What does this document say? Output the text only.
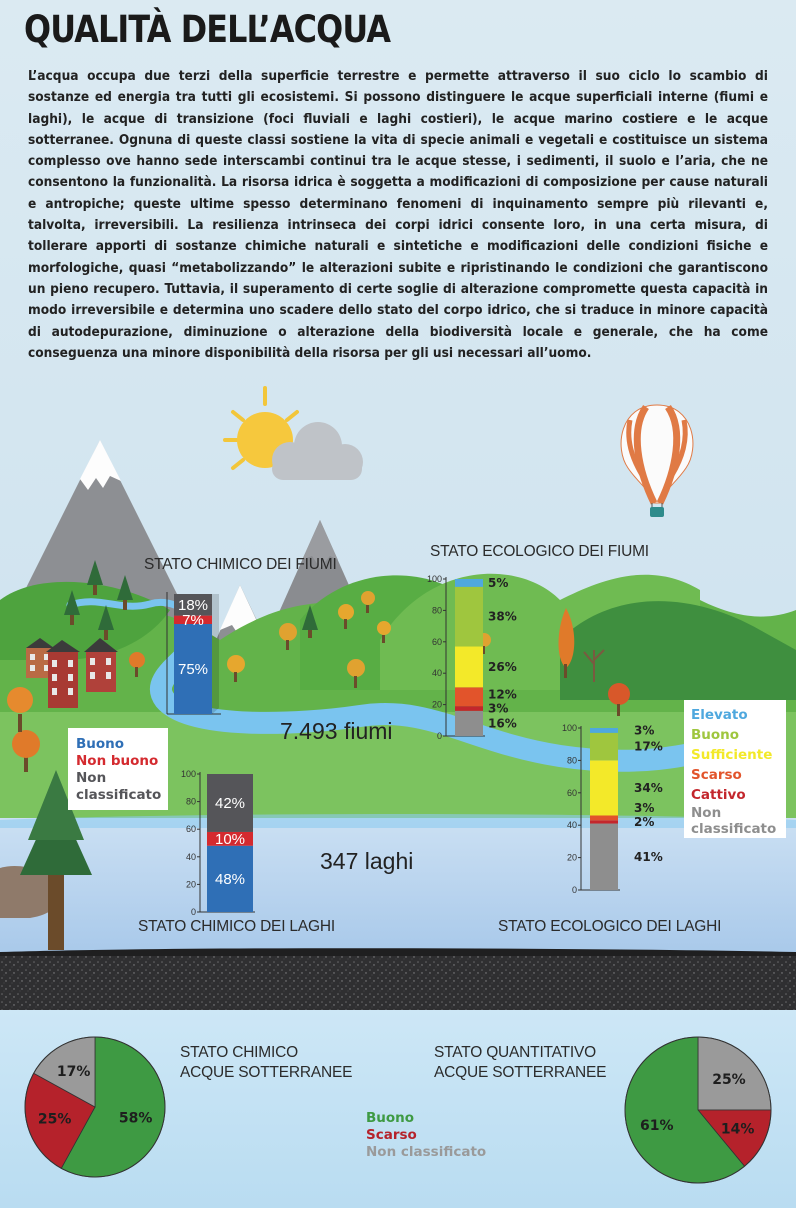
75%
7%
18%
0
20
40
60
80
100
48%
10%
42%
0
20
40
60
80
100
16%
3%
12%
26%
38%
5%
0
20
40
60
80
100
41%
2%
3%
34%
17%
3%
58%
25%
17%
25%
14%
61%
QUALITÀ DELL’ACQUA

L’acqua occupa due terzi della superficie terrestre e permette attraverso il suo ciclo lo scambio di sostanze ed energia tra tutti gli ecosistemi. Si possono distinguere le acque superficiali interne (fiumi e laghi), le acque di transizione (foci fluviali e laghi costieri), le acque marino costiere e le acque sotterranee. Ognuna di queste classi sostiene la vita di specie animali e vegetali e costituisce un sistema complesso ove hanno sede interscambi continui tra le acque stesse, i sedimenti, il suolo e l’aria, che ne consentono la funzionalità. La risorsa idrica è soggetta a modificazioni di composizione per cause naturali e antropiche; queste ultime spesso determinano fenomeni di inquinamento sempre più rilevanti e, talvolta, irreversibili. La resilienza intrinseca dei corpi idrici consente loro, in una certa misura, di tollerare apporti di sostanze chimiche naturali e sintetiche e modificazioni delle condizioni fisiche e morfologiche, quasi “metabolizzando” le alterazioni subite e ripristinando le condizioni che garantiscono un pieno recupero. Tuttavia, il superamento di certe soglie di alterazione compromette questa capacità in modo irreversibile e determina uno scadere dello stato del corpo idrico, che si traduce in minore capacità di autodepurazione, diminuzione o alterazione della biodiversità locale e generale, che ha come conseguenza una minore disponibilità della risorsa per gli usi necessari all’uomo.

STATO CHIMICO DEI FIUMI
STATO ECOLOGICO DEI FIUMI
STATO CHIMICO DEI LAGHI	STATO ECOLOGICO DEI LAGHI
STATO CHIMICO
ACQUE SOTTERRANEE
STATO QUANTITATIVO
ACQUE SOTTERRANEE
7.493 fiumi
347 laghi
Buono
Non buono
Non
classificato
Elevato
Buono
Sufficiente
Scarso
Cattivo
Non
classificato
Buono
Scarso
Non classificato
